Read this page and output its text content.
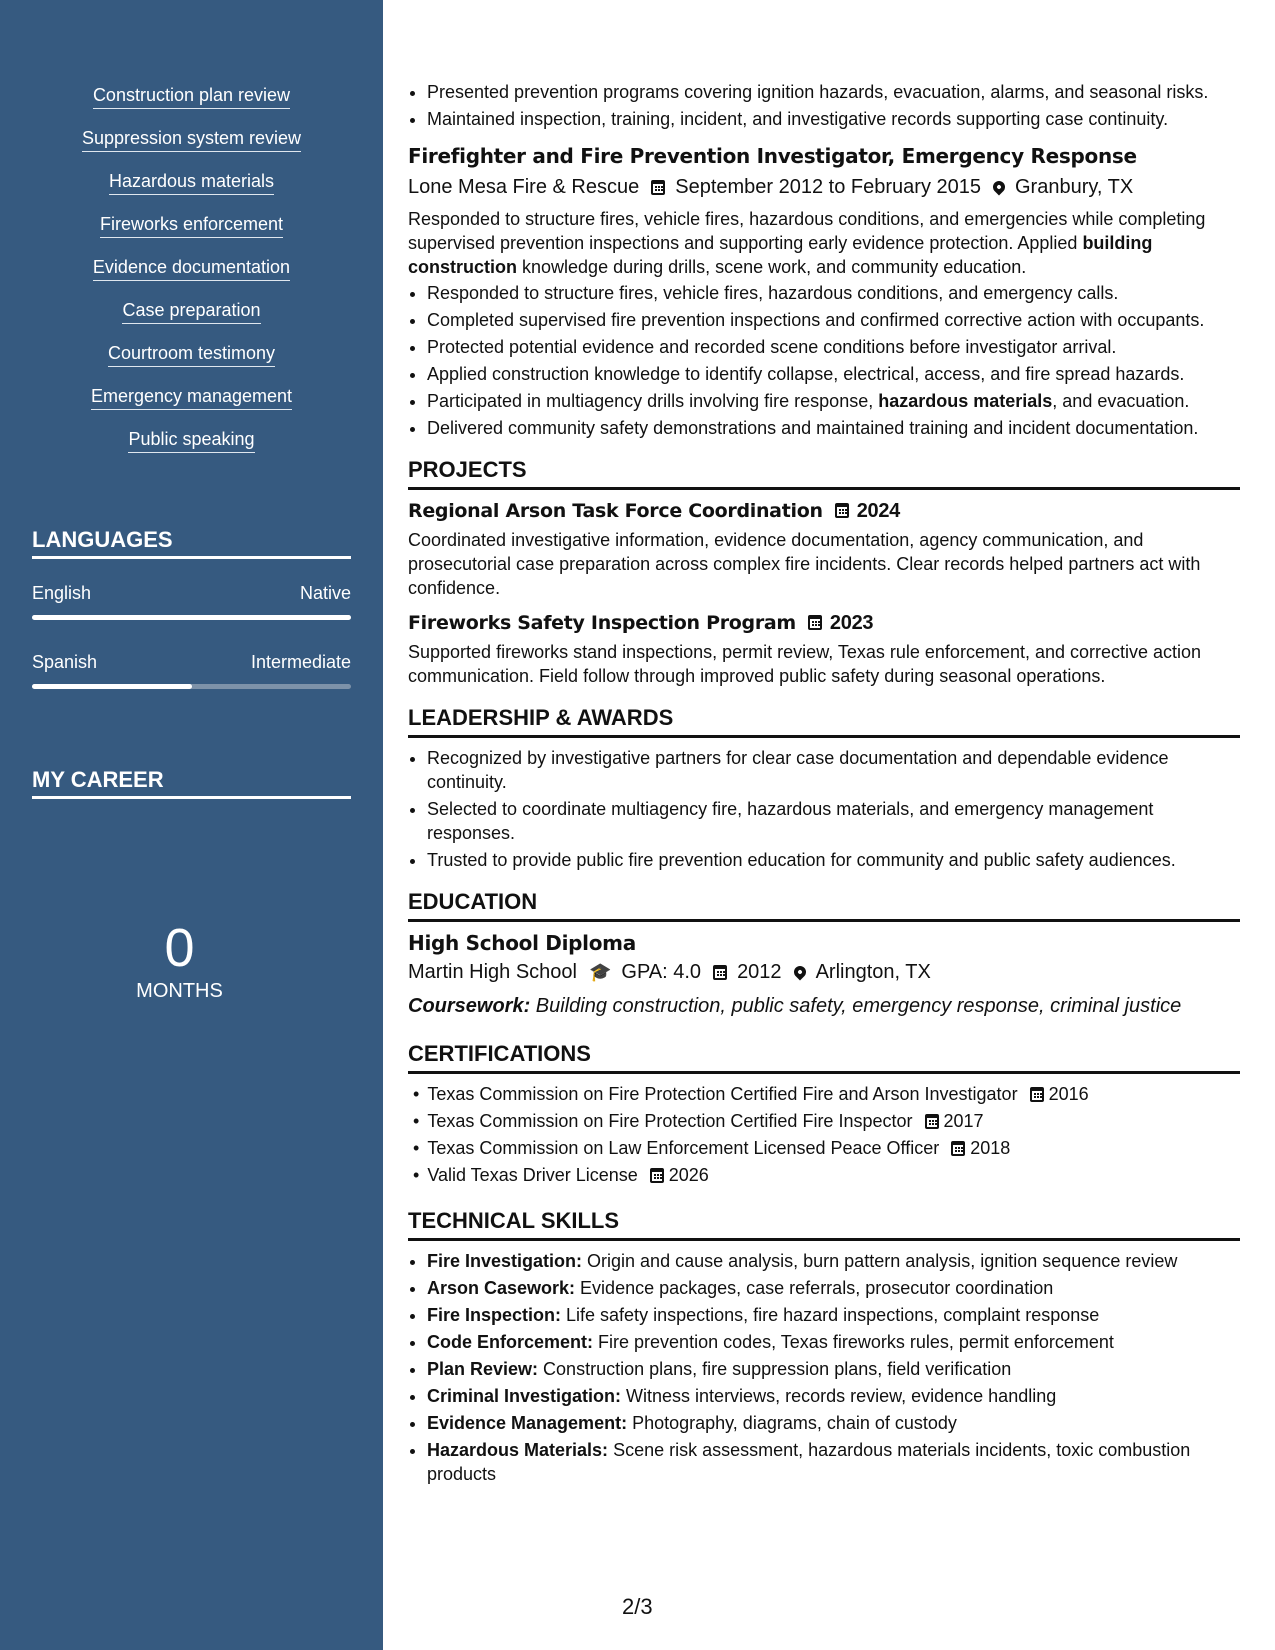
Construction plan review
Suppression system review
Hazardous materials
Fireworks enforcement
Evidence documentation
Case preparation
Courtroom testimony
Emergency management
Public speaking
LANGUAGES
English	Native
Spanish	Intermediate
MY CAREER
0
MONTHS
• Presented prevention programs covering ignition hazards, evacuation, alarms, and seasonal risks.
• Maintained inspection, training, incident, and investigative records supporting case continuity.
Firefighter and Fire Prevention Investigator, Emergency Response
Lone Mesa Fire & Rescue September 2012 to February 2015 Granbury, TX
Responded to structure fires, vehicle fires, hazardous conditions, and emergencies while completing supervised prevention inspections and supporting early evidence protection. Applied building construction knowledge during drills, scene work, and community education.
• Responded to structure fires, vehicle fires, hazardous conditions, and emergency calls.
• Completed supervised fire prevention inspections and confirmed corrective action with occupants.
• Protected potential evidence and recorded scene conditions before investigator arrival.
• Applied construction knowledge to identify collapse, electrical, access, and fire spread hazards.
• Participated in multiagency drills involving fire response, hazardous materials, and evacuation.
• Delivered community safety demonstrations and maintained training and incident documentation.
PROJECTS
Regional Arson Task Force Coordination 2024
Coordinated investigative information, evidence documentation, agency communication, and prosecutorial case preparation across complex fire incidents. Clear records helped partners act with confidence.
Fireworks Safety Inspection Program 2023
Supported fireworks stand inspections, permit review, Texas rule enforcement, and corrective action communication. Field follow through improved public safety during seasonal operations.
LEADERSHIP & AWARDS
• Recognized by investigative partners for clear case documentation and dependable evidence continuity.
• Selected to coordinate multiagency fire, hazardous materials, and emergency management responses.
• Trusted to provide public fire prevention education for community and public safety audiences.
EDUCATION
High School Diploma
Martin High School 🎓 GPA: 4.0 2012 Arlington, TX
Coursework: Building construction, public safety, emergency response, criminal justice
CERTIFICATIONS
• Texas Commission on Fire Protection Certified Fire and Arson Investigator 2016
• Texas Commission on Fire Protection Certified Fire Inspector 2017
• Texas Commission on Law Enforcement Licensed Peace Officer 2018
• Valid Texas Driver License 2026
TECHNICAL SKILLS
• Fire Investigation: Origin and cause analysis, burn pattern analysis, ignition sequence review
• Arson Casework: Evidence packages, case referrals, prosecutor coordination
• Fire Inspection: Life safety inspections, fire hazard inspections, complaint response
• Code Enforcement: Fire prevention codes, Texas fireworks rules, permit enforcement
• Plan Review: Construction plans, fire suppression plans, field verification
• Criminal Investigation: Witness interviews, records review, evidence handling
• Evidence Management: Photography, diagrams, chain of custody
• Hazardous Materials: Scene risk assessment, hazardous materials incidents, toxic combustion products
2/3
